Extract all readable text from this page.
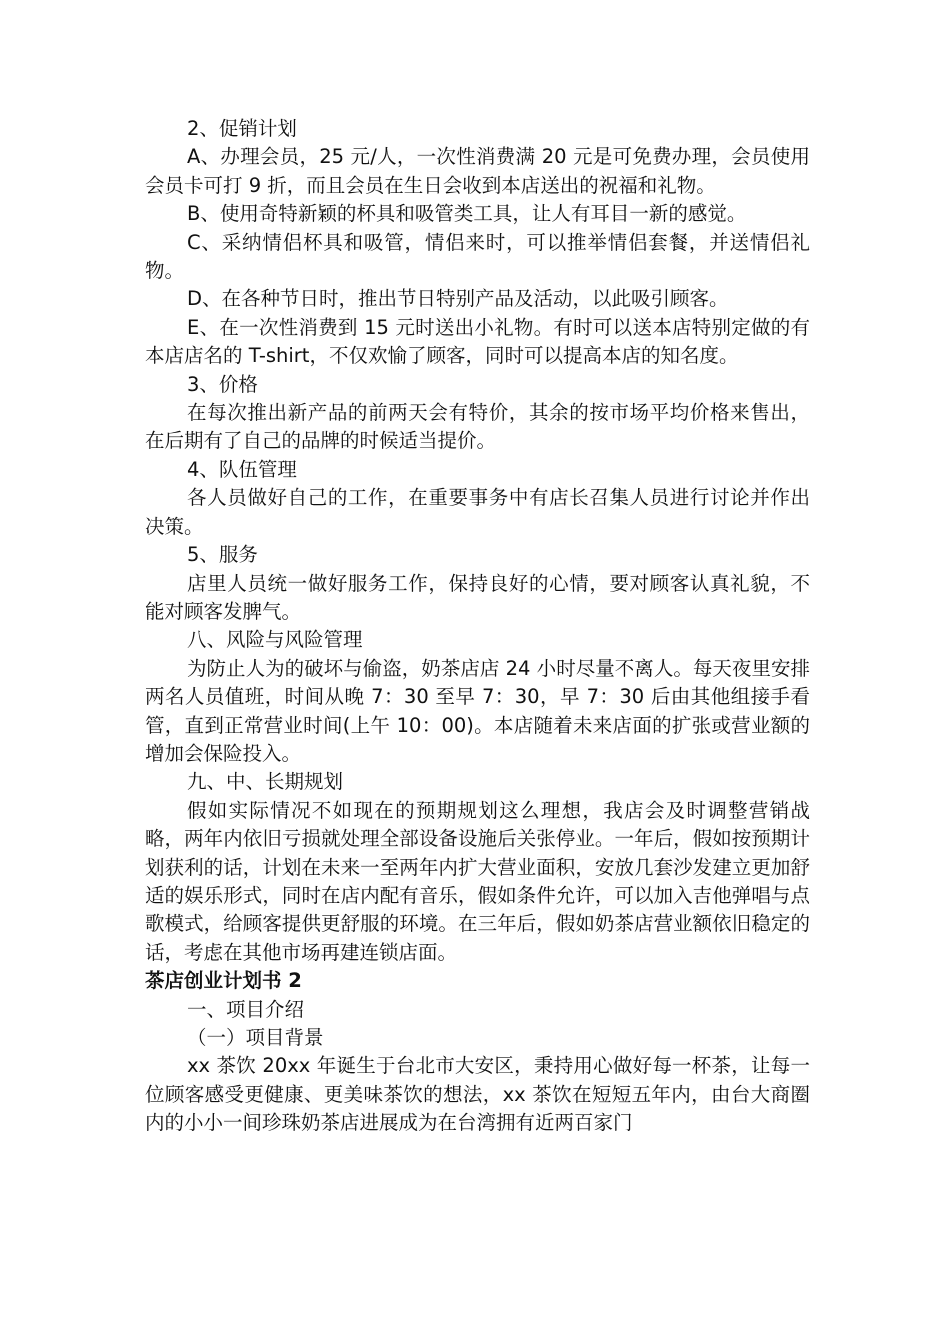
2、促销计划

A、办理会员，25 元/人，一次性消费满 20 元是可免费办理，会员使用会员卡可打 9 折，而且会员在生日会收到本店送出的祝福和礼物。

B、使用奇特新颖的杯具和吸管类工具，让人有耳目一新的感觉。

C、采纳情侣杯具和吸管，情侣来时，可以推举情侣套餐，并送情侣礼物。

D、在各种节日时，推出节日特别产品及活动，以此吸引顾客。

E、在一次性消费到 15 元时送出小礼物。有时可以送本店特别定做的有本店店名的 T-shirt，不仅欢愉了顾客，同时可以提高本店的知名度。

3、价格

在每次推出新产品的前两天会有特价，其余的按市场平均价格来售出，在后期有了自己的品牌的时候适当提价。

4、队伍管理

各人员做好自己的工作，在重要事务中有店长召集人员进行讨论并作出决策。

5、服务

店里人员统一做好服务工作，保持良好的心情，要对顾客认真礼貌，不能对顾客发脾气。

八、风险与风险管理

为防止人为的破坏与偷盗，奶茶店店 24 小时尽量不离人。每天夜里安排两名人员值班，时间从晚 7：30 至早 7：30，早 7：30 后由其他组接手看管，直到正常营业时间(上午 10：00)。本店随着未来店面的扩张或营业额的增加会保险投入。

九、中、长期规划

假如实际情况不如现在的预期规划这么理想，我店会及时调整营销战略，两年内依旧亏损就处理全部设备设施后关张停业。一年后，假如按预期计划获利的话，计划在未来一至两年内扩大营业面积，安放几套沙发建立更加舒适的娱乐形式，同时在店内配有音乐，假如条件允许，可以加入吉他弹唱与点歌模式，给顾客提供更舒服的环境。在三年后，假如奶茶店营业额依旧稳定的话，考虑在其他市场再建连锁店面。

茶店创业计划书 2

一、项目介绍

（一）项目背景

xx 茶饮 20xx 年诞生于台北市大安区，秉持用心做好每一杯茶，让每一位顾客感受更健康、更美味茶饮的想法，xx 茶饮在短短五年内，由台大商圈内的小小一间珍珠奶茶店进展成为在台湾拥有近两百家门
